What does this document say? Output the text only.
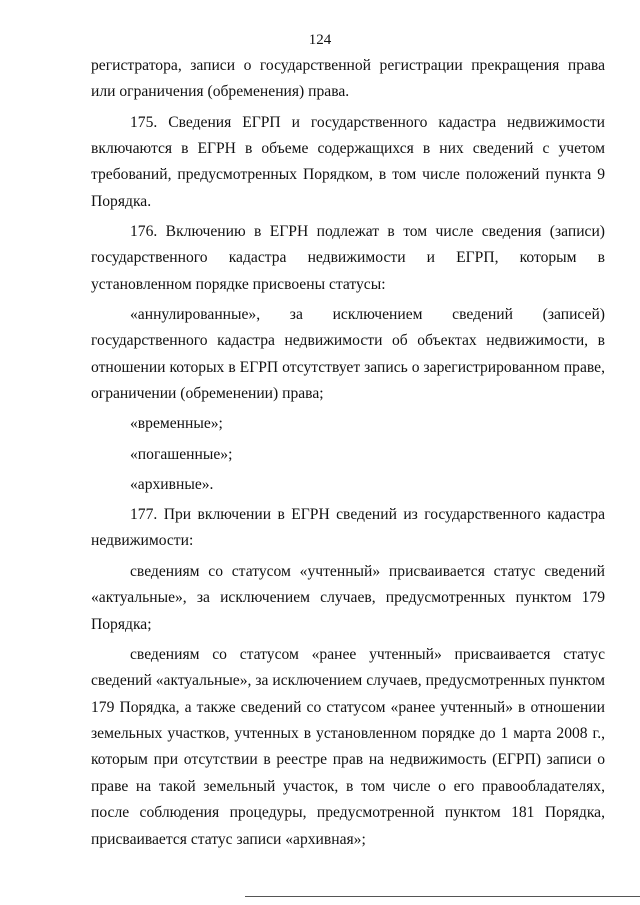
124

регистратора, записи о государственной регистрации прекращения права или ограничения (обременения) права.

175. Сведения ЕГРП и государственного кадастра недвижимости включаются в ЕГРН в объеме содержащихся в них сведений с учетом требований, предусмотренных Порядком, в том числе положений пункта 9 Порядка.

176. Включению в ЕГРН подлежат в том числе сведения (записи) государственного кадастра недвижимости и ЕГРП, которым в установленном порядке присвоены статусы:

«аннулированные», за исключением сведений (записей) государственного кадастра недвижимости об объектах недвижимости, в отношении которых в ЕГРП отсутствует запись о зарегистрированном праве, ограничении (обременении) права;

«временные»;

«погашенные»;

«архивные».

177. При включении в ЕГРН сведений из государственного кадастра недвижимости:

сведениям со статусом «учтенный» присваивается статус сведений «актуальные», за исключением случаев, предусмотренных пунктом 179 Порядка;

сведениям со статусом «ранее учтенный» присваивается статус сведений «актуальные», за исключением случаев, предусмотренных пунктом 179 Порядка, а также сведений со статусом «ранее учтенный» в отношении земельных участков, учтенных в установленном порядке до 1 марта 2008 г., которым при отсутствии в реестре прав на недвижимость (ЕГРП) записи о праве на такой земельный участок, в том числе о его правообладателях, после соблюдения процедуры, предусмотренной пунктом 181 Порядка, присваивается статус записи «архивная»;
